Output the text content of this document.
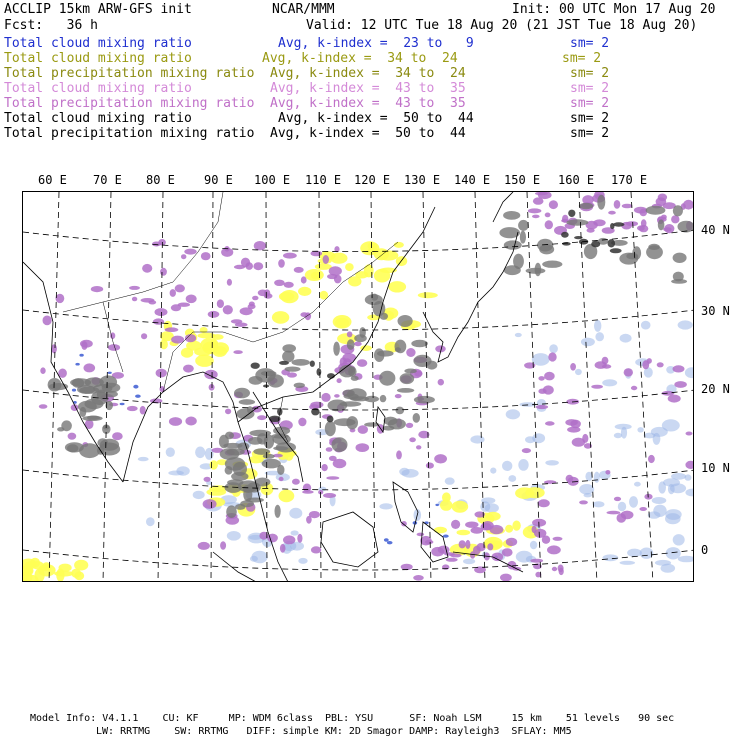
ACCLIP 15km ARW-GFS init	NCAR/MMM	Init: 00 UTC Mon 17 Aug 20
Fcst:   36 h	Valid: 12 UTC Tue 18 Aug 20 (21 JST Tue 18 Aug 20)
Total cloud mixing ratio	Avg, k-index =  23 to   9	sm= 2
Total cloud mixing ratio	Avg, k-index =  34 to  24	sm= 2
Total precipitation mixing ratio Avg, k-index =  34 to  24	sm= 2
Total cloud mixing ratio	Avg, k-index =  43 to  35	sm= 2
Total precipitation mixing ratio Avg, k-index =  43 to  35	sm= 2
Total cloud mixing ratio	Avg, k-index =  50 to  44	sm= 2
Total precipitation mixing ratio Avg, k-index =  50 to  44	sm= 2
60 E 70 E 80 E 90 E 100 E 110 E 120 E 130 E 140 E 150 E 160 E 170 E
40 N
30 N
20 N
10 N
0
Model Info: V4.1.1    CU: KF     MP: WDM 6class  PBL: YSU      SF: Noah LSM     15 km    51 levels   90 sec
LW: RRTMG    SW: RRTMG   DIFF: simple KM: 2D Smagor DAMP: Rayleigh3  SFLAY: MM5
